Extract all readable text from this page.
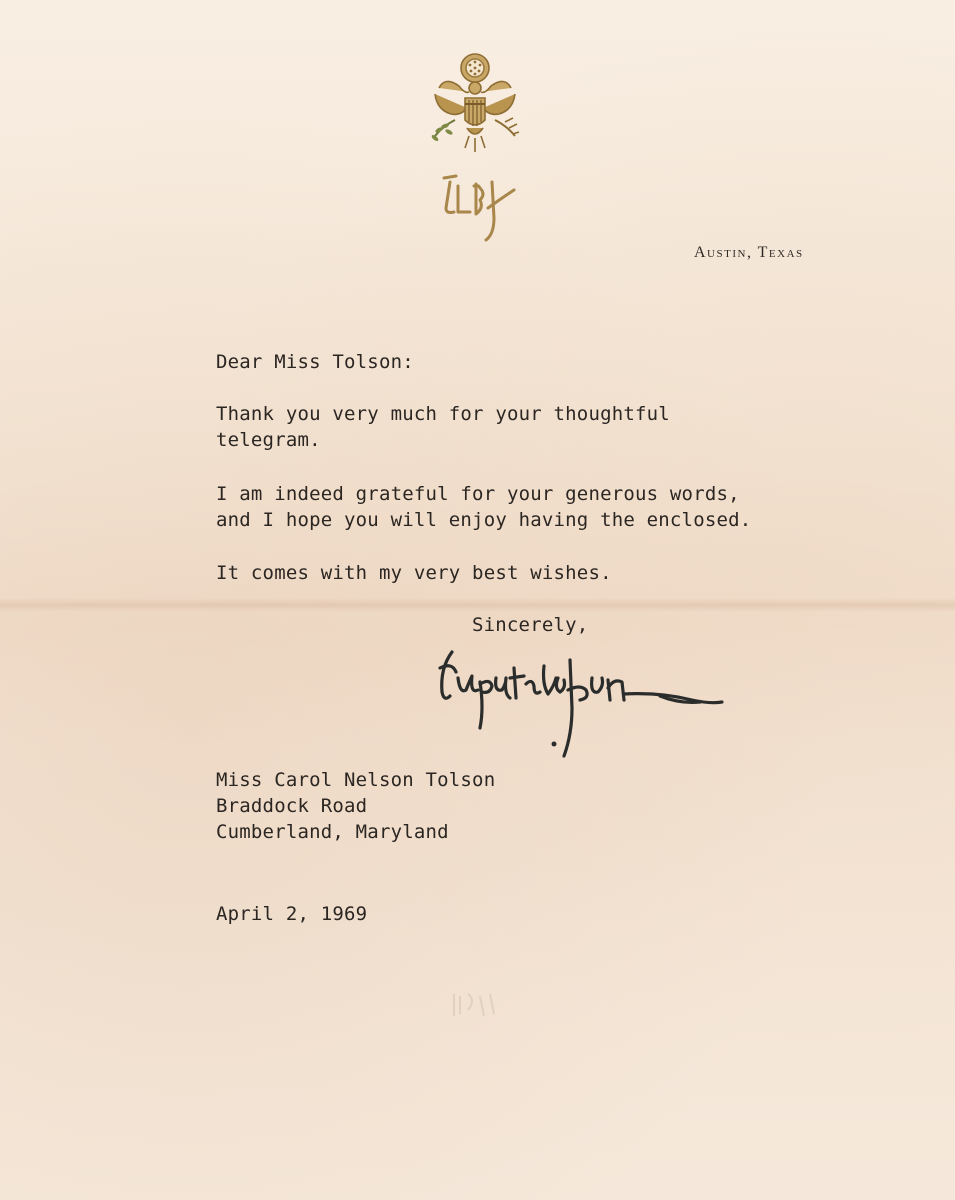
Austin, Texas
Dear Miss Tolson:
Thank you very much for your thoughtful
telegram.
I am indeed grateful for your generous words,
and I hope you will enjoy having the enclosed.
It comes with my very best wishes.
Sincerely,
Miss Carol Nelson Tolson
Braddock Road
Cumberland, Maryland
April 2, 1969
